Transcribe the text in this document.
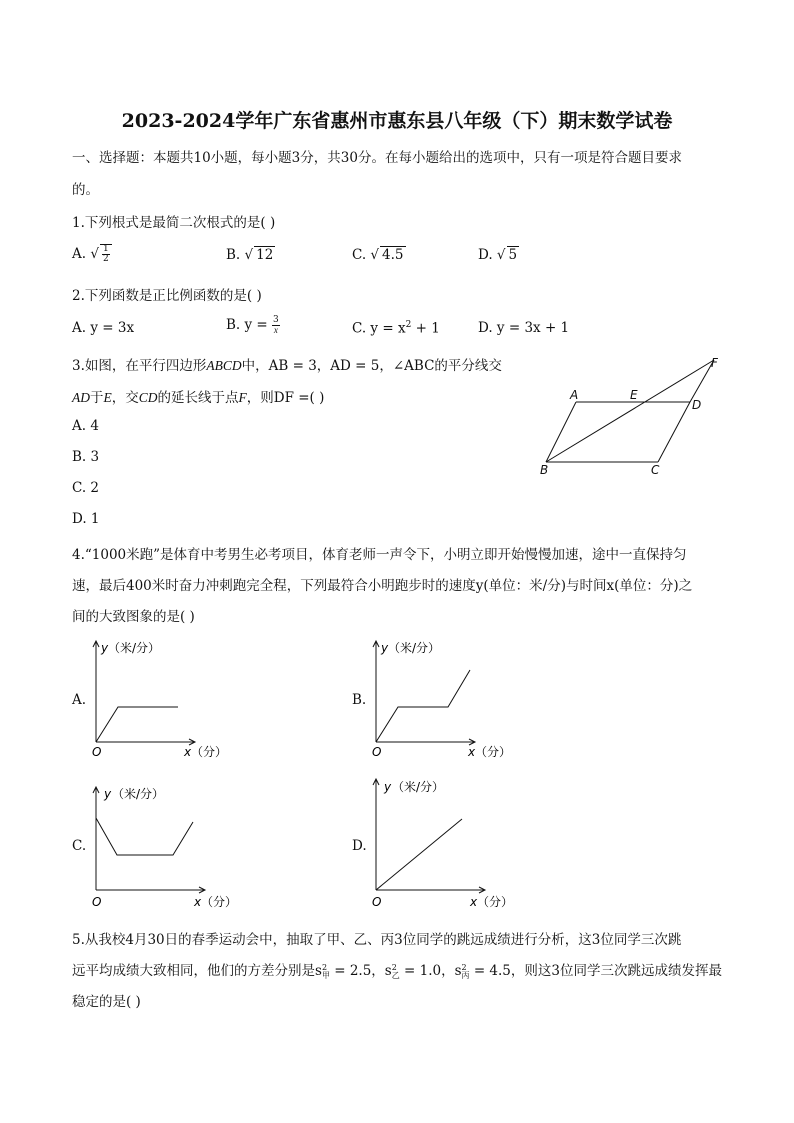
2023-2024学年广东省惠州市惠东县八年级（下）期末数学试卷
一、选择题：本题共10小题，每小题3分，共30分。在每小题给出的选项中，只有一项是符合题目要求
的。
1.下列根式是最简二次根式的是( )
A. √ $\frac{1}{2}$	B. √ 12	C. √ 4.5	D. √ 5
2.下列函数是正比例函数的是( )
A. y = 3x	B. $y = \frac{3}{x}$	C. $y = x^2 + 1$	D. y = 3x + 1
3.如图，在平行四边形ABCD中，AB = 3，AD = 5，∠ABC的平分线交
AD于E，交CD的延长线于点F，则DF =( )
A. 4
B. 3
C. 2
D. 1
A	E
D
F
B	C
4.“1000米跑”是体育中考男生必考项目，体育老师一声令下，小明立即开始慢慢加速，途中一直保持匀
速，最后400米时奋力冲刺跑完全程，下列最符合小明跑步时的速度y(单位：米/分)与时间x(单位：分)之
间的大致图象的是( )
A.
y （米/分）
x （分）
O
B.
y （米/分）
x （分）
O
C.
y （米/分）
x （分）
O
D.
y （米/分）
x （分）
O
5.从我校4月30日的春季运动会中，抽取了甲、乙、丙3位同学的跳远成绩进行分析，这3位同学三次跳
远平均成绩大致相同，他们的方差分别是s 2
甲 = 2.5，s 2
乙 = 1.0，s 2
丙 = 4.5，则这3位同学三次跳远成绩发挥最
稳定的是( )
